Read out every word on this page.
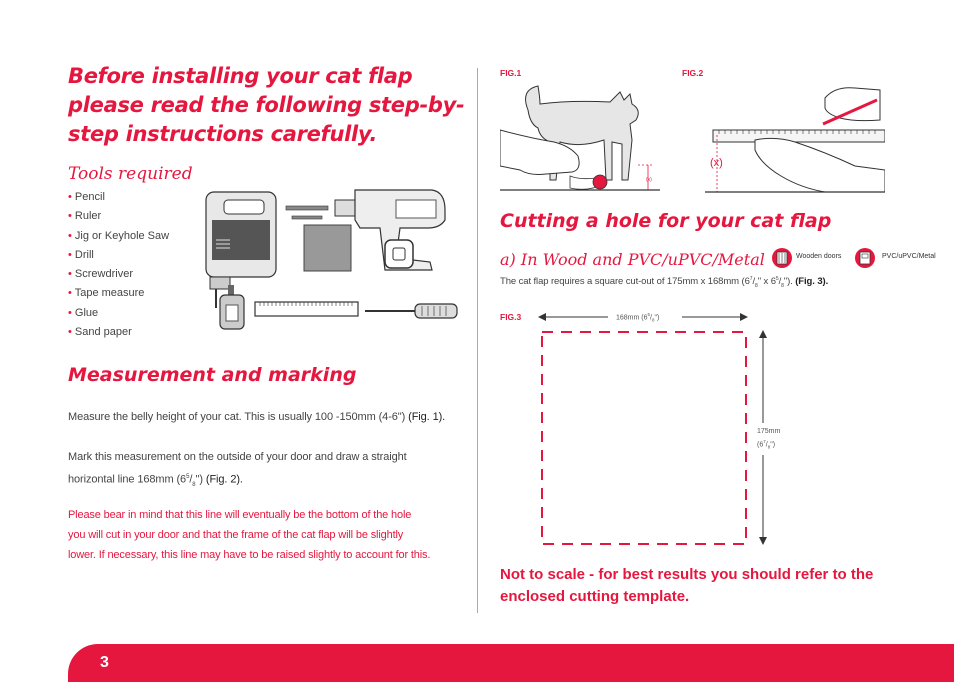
Before installing your cat flap please read the following step-by-step instructions carefully.
Tools required
• Pencil
• Ruler
• Jig or Keyhole Saw
• Drill
• Screwdriver
• Tape measure
• Glue
• Sand paper
Measurement and marking
Measure the belly height of your cat. This is usually 100 -150mm (4-6") (Fig. 1).
Mark this measurement on the outside of your door and draw a straight
horizontal line 168mm $(6^5/_8")$ (Fig. 2).
Please bear in mind that this line will eventually be the bottom of the hole
you will cut in your door and that the frame of the cat flap will be slightly
lower. If necessary, this line may have to be raised slightly to account for this.
FIG.1	FIG.2
(x)
(x)
Cutting a hole for your cat flap
a) In Wood and PVC/uPVC/Metal	Wooden doors	PVC/uPVC/Metal
The cat flap requires a square cut-out of 175mm x 168mm ($6^7/_8$" x $6^5/_8$"). (Fig. 3).
FIG.3	168mm $(6^5/_8")$
175mm
$(6^7/_8")$
Not to scale - for best results you should refer to the enclosed cutting template.
3
